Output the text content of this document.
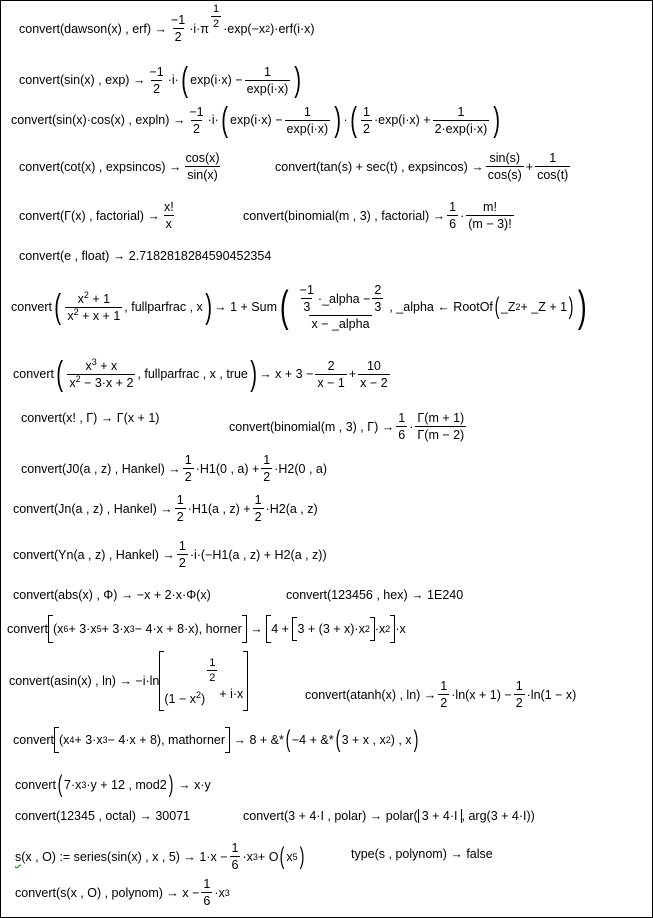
convert(dawson(x) , erf) →
−1
2
·i·π
1
2 ·exp(−x 2 )·erf(i·x)
convert(sin(x) , exp) →
−1
2
·i· ( $\exp(i\cdot x) - \frac{1}{\exp(i\cdot x)}$ )
convert(sin(x)·cos(x) , expln) →
−1
2
·i· ( $\exp(i\cdot x) - \frac{1}{\exp(i\cdot x)}$ ) · ( 1
2
$\cdot\exp(i\cdot x) + \frac{1}{2\cdot\exp(i\cdot x)}$ )
convert(cot(x) , expsincos) →
cos(x)
sin(x)
convert(tan(s) + sec(t) , expsincos) →
sin(s)
cos(s)
+ $\frac{1}{\cos(t)}$
convert(Γ(x) , factorial) →
x!
x
convert(binomial(m , 3) , factorial) →
1
6
·
m!
(m − 3)!
convert(e , float) → 2.7182818284590452354
convert ( $x^2 + 1$
$x^2 + x + 1$
, fullparfrac , x ) → 1 + Sum ( −1
3
·_alpha − $\frac{2}{3}$
x − _alpha
, _alpha ← RootOf ( _Z 2 + _Z + 1 ) )
convert ( $x^3 + x$
$x^2 - 3\cdot x + 2$
, fullparfrac , x , true ) → $x + 3 - \frac{2}{x - 1} + \frac{10}{x - 2}$
convert(x! , Γ) → Γ(x + 1)
convert(binomial(m , 3) , Γ) →
1
6
·
Γ(m + 1)
Γ(m − 2)
convert(J0(a , z) , Hankel) →
1
2
·H1(0 , $a) + \frac{1}{2} \cdot H2(0$ , a)
convert(Jn(a , z) , Hankel) →
1
2
·H1(a , $z) + \frac{1}{2} \cdot H2(a$ , z)
convert(Yn(a , z) , Hankel) →
1
2
·i·(−H1(a , z) + H2(a , z))
convert(abs(x) , Φ) → −x + 2·x·Φ(x)	convert(123456 , hex) → 1E240
convert (x 6 + 3·x 5 + 3·x 3 − 4·x + 8·x) , horner
→
4 +
3 + (3 + x)·x 2 ·x 2 ·x
convert(asin(x) , ln) → −i·ln
$(1 - x^2)$
1
2
+ i·x	convert(atanh(x) , ln) →
1
2
$\cdot\ln(x + 1) - \frac{1}{2} \cdot\ln(1 - x)$
convert (x 4 + 3·x 3 − 4·x + 8) , mathorner
→ 8 + &* ( −4 + &* ( 3 + x , x 2 ) , x )
convert ( 7·x 3 ·y + 12 , mod2 )
→ x·y
convert(12345 , octal) → 30071	convert(3 + 4·I , polar) → polar( 3 + 4·I , arg(3 + 4·I))
s (x , O) := series(sin(x) , x , $5) \to 1\cdot x - \frac{1}{6} \cdot x$ 3 + O ( x 5 )	type(s , polynom) → false
convert(s(x , O) , polynom) → $x - \frac{1}{6} \cdot x$ 3
